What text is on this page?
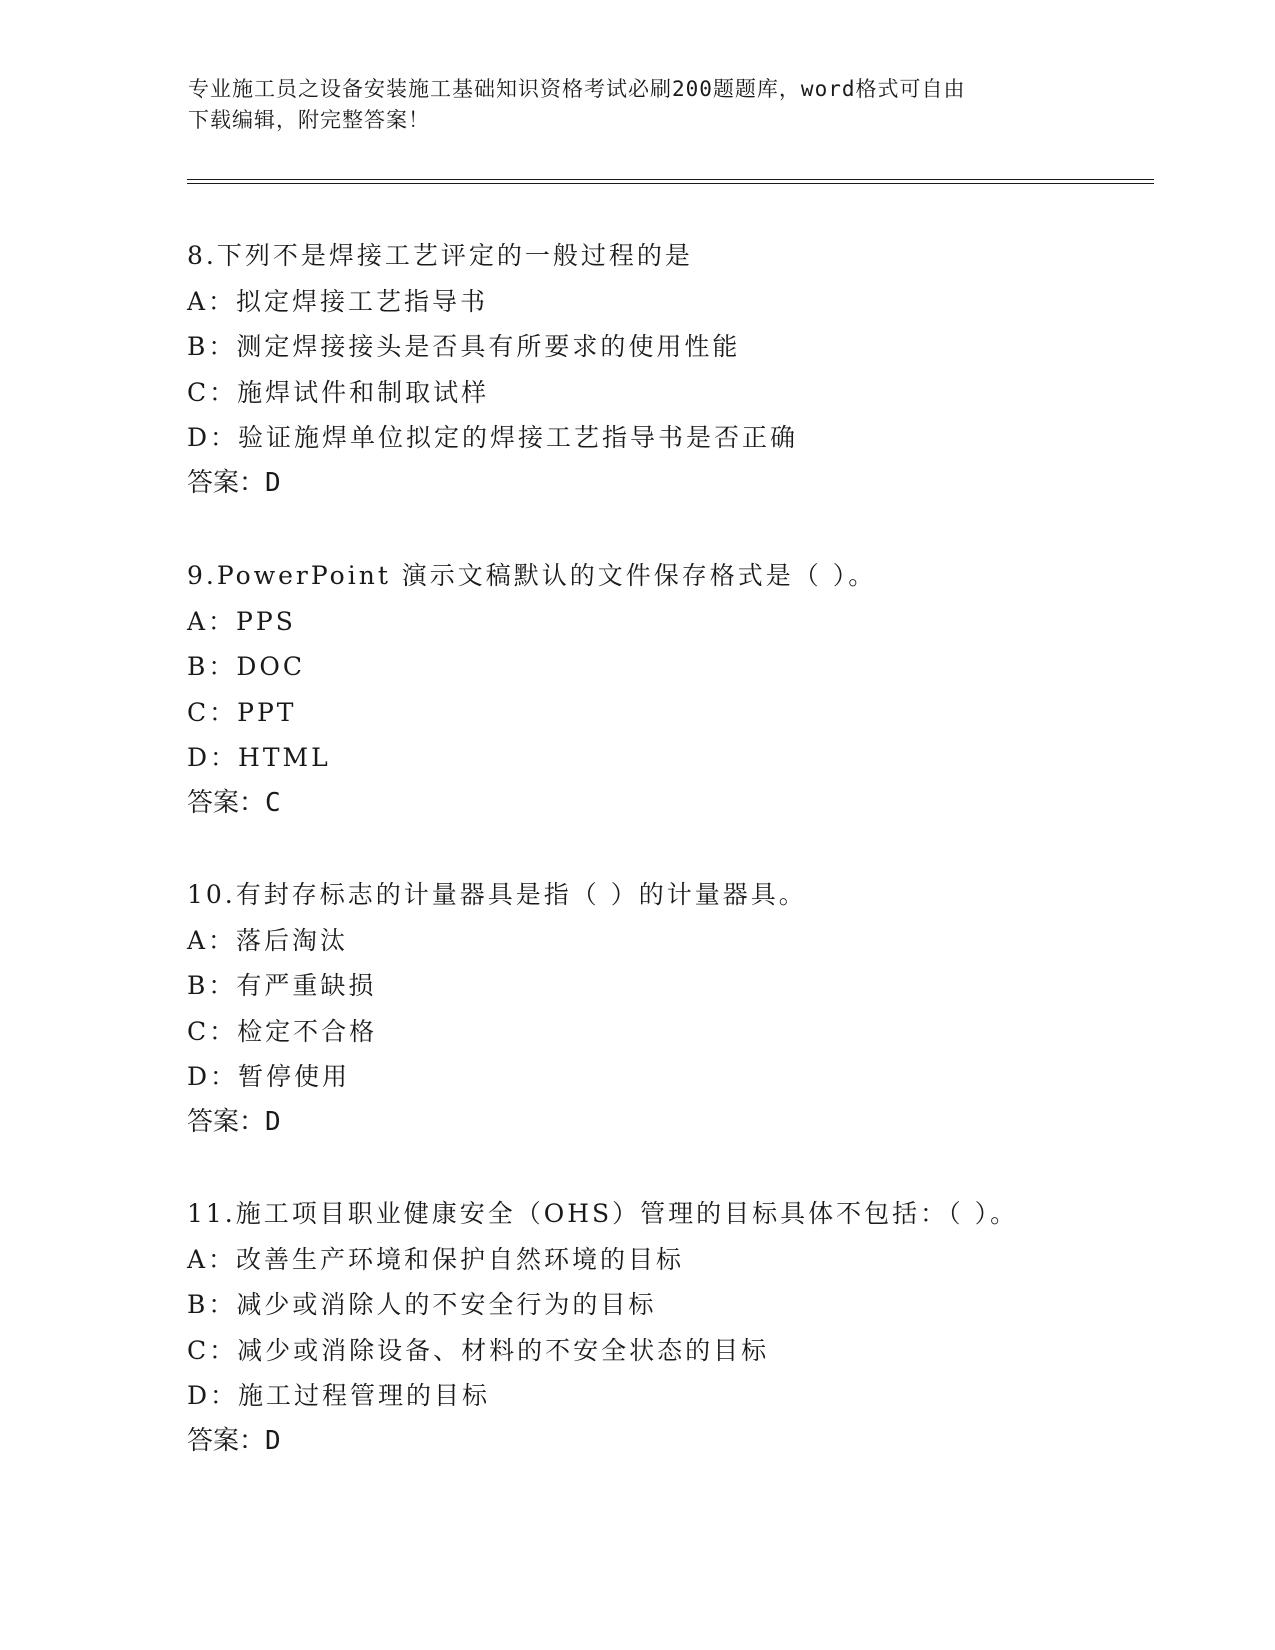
专业施工员之设备安装施工基础知识资格考试必刷200题题库，word格式可自由
下载编辑，附完整答案！
8.下列不是焊接工艺评定的一般过程的是
A：拟定焊接工艺指导书
B：测定焊接接头是否具有所要求的使用性能
C：施焊试件和制取试样
D：验证施焊单位拟定的焊接工艺指导书是否正确
答案：D
9.PowerPoint 演示文稿默认的文件保存格式是（ ）。
A：PPS
B：DOC
C：PPT
D：HTML
答案：C
10.有封存标志的计量器具是指（ ）的计量器具。
A：落后淘汰
B：有严重缺损
C：检定不合格
D：暂停使用
答案：D
11.施工项目职业健康安全（OHS）管理的目标具体不包括：（ ）。
A：改善生产环境和保护自然环境的目标
B：减少或消除人的不安全行为的目标
C：减少或消除设备、材料的不安全状态的目标
D：施工过程管理的目标
答案：D
